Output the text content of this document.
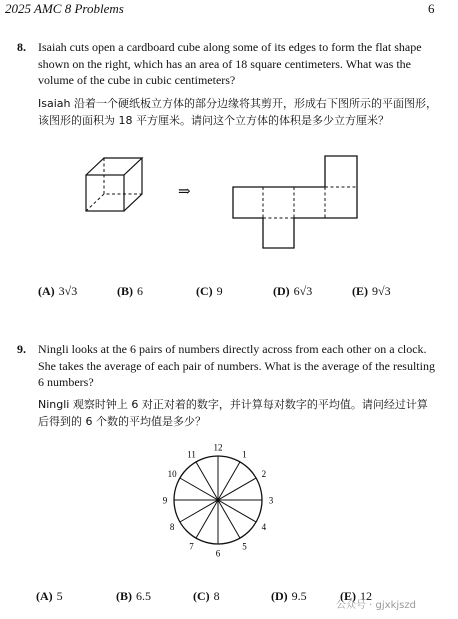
2025 AMC 8 Problems	6
8. Isaiah cuts open a cardboard cube along some of its edges to form the flat shape
shown on the right, which has an area of 18 square centimeters. What was the
volume of the cube in cubic centimeters?
Isaiah 沿着一个硬纸板立方体的部分边缘将其剪开，形成右下图所示的平面图形，
该图形的面积为 18 平方厘米。请问这个立方体的体积是多少立方厘米？
⇒
(A) 3√3	(B) 6	(C) 9	(D) 6√3	(E) 9√3
9. Ningli looks at the 6 pairs of numbers directly across from each other on a clock.
She takes the average of each pair of numbers. What is the average of the resulting
6 numbers?
Ningli 观察时钟上 6 对正对着的数字，并计算每对数字的平均值。请问经过计算
后得到的 6 个数的平均值是多少？
12
1
2
3
4
5
6
7
8
9
10
11
(A) 5	(B) 6.5	(C) 8	(D) 9.5	(E) 12
公众号 · gjxkjszd
